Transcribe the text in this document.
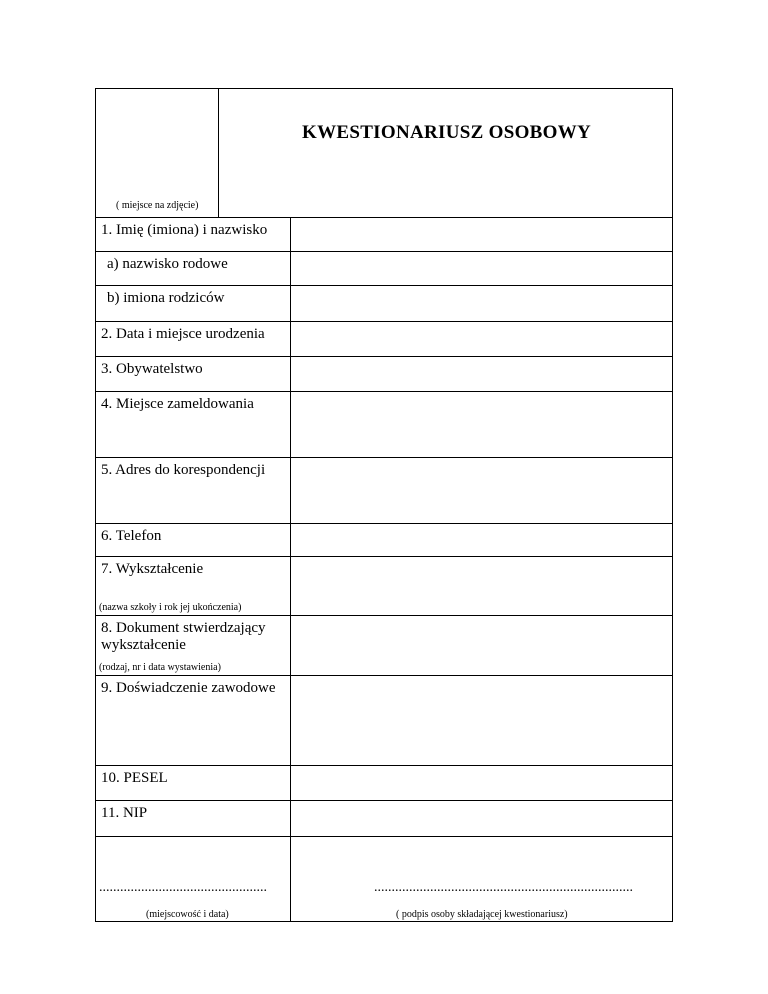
( miejsce na zdjęcie)
KWESTIONARIUSZ OSOBOWY
1. Imię (imiona) i nazwisko
a) nazwisko rodowe
b) imiona rodziców
2. Data i miejsce urodzenia
3. Obywatelstwo
4. Miejsce zameldowania
5. Adres do korespondencji
6. Telefon
7. Wykształcenie
(nazwa szkoły i rok jej ukończenia)
8. Dokument stwierdzający wykształcenie
(rodzaj, nr i data wystawienia)
9. Doświadczenie zawodowe
10. PESEL
11. NIP
................................................
(miejscowość i data)
..........................................................................
( podpis osoby składającej kwestionariusz)
